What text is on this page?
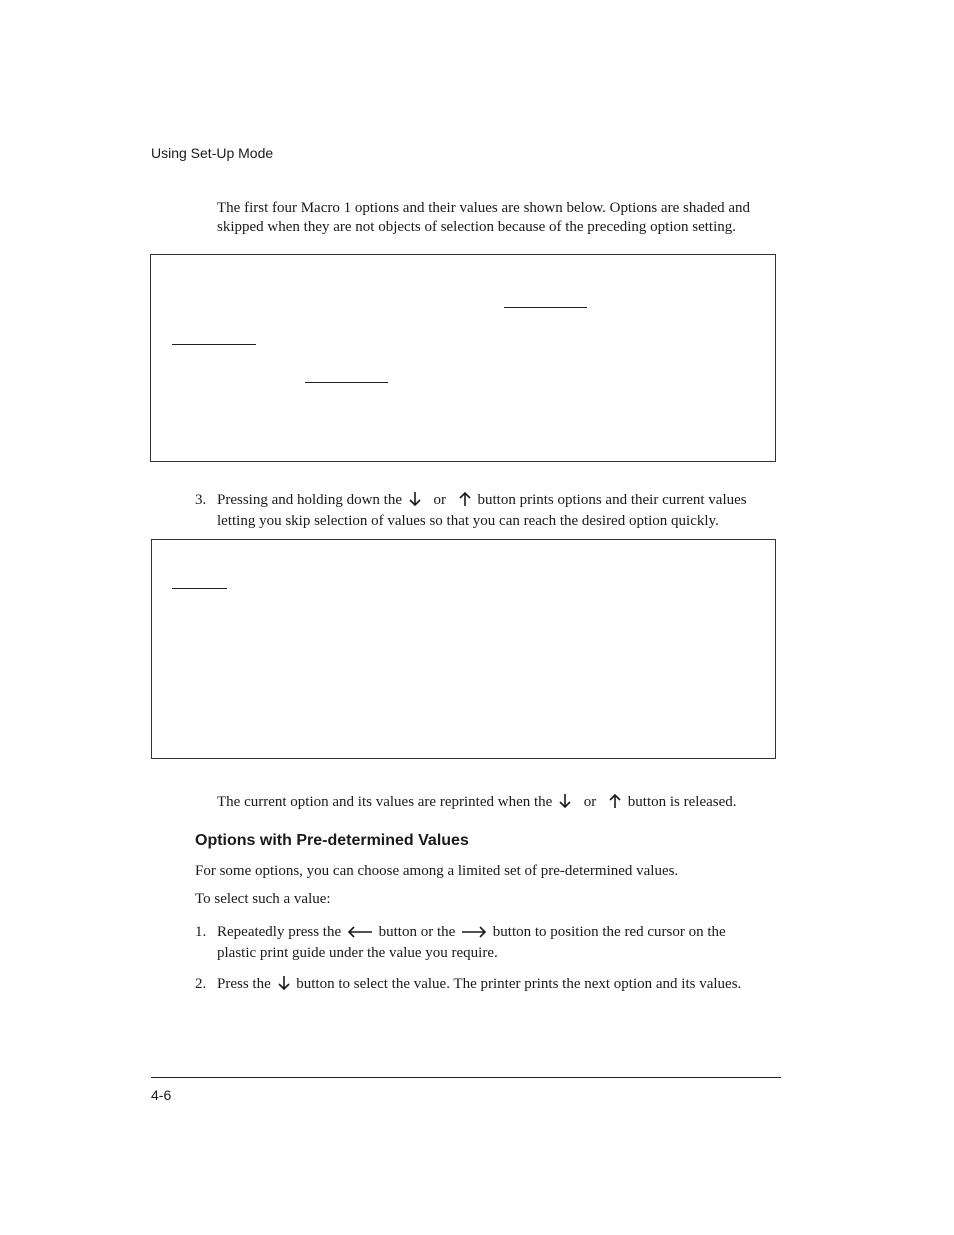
Using Set-Up Mode
The first four Macro 1 options and their values are shown below. Options are shaded and skipped when they are not objects of selection because of the preceding option setting.
3. Pressing and holding down the or button prints options and their current values letting you skip selection of values so that you can reach the desired option quickly.
The current option and its values are reprinted when the or button is released.
Options with Pre-determined Values
For some options, you can choose among a limited set of pre-determined values.
To select such a value:
1. Repeatedly press the	button or the	button to position the red cursor on the plastic print guide under the value you require.
2. Press the button to select the value. The printer prints the next option and its values.
4-6
